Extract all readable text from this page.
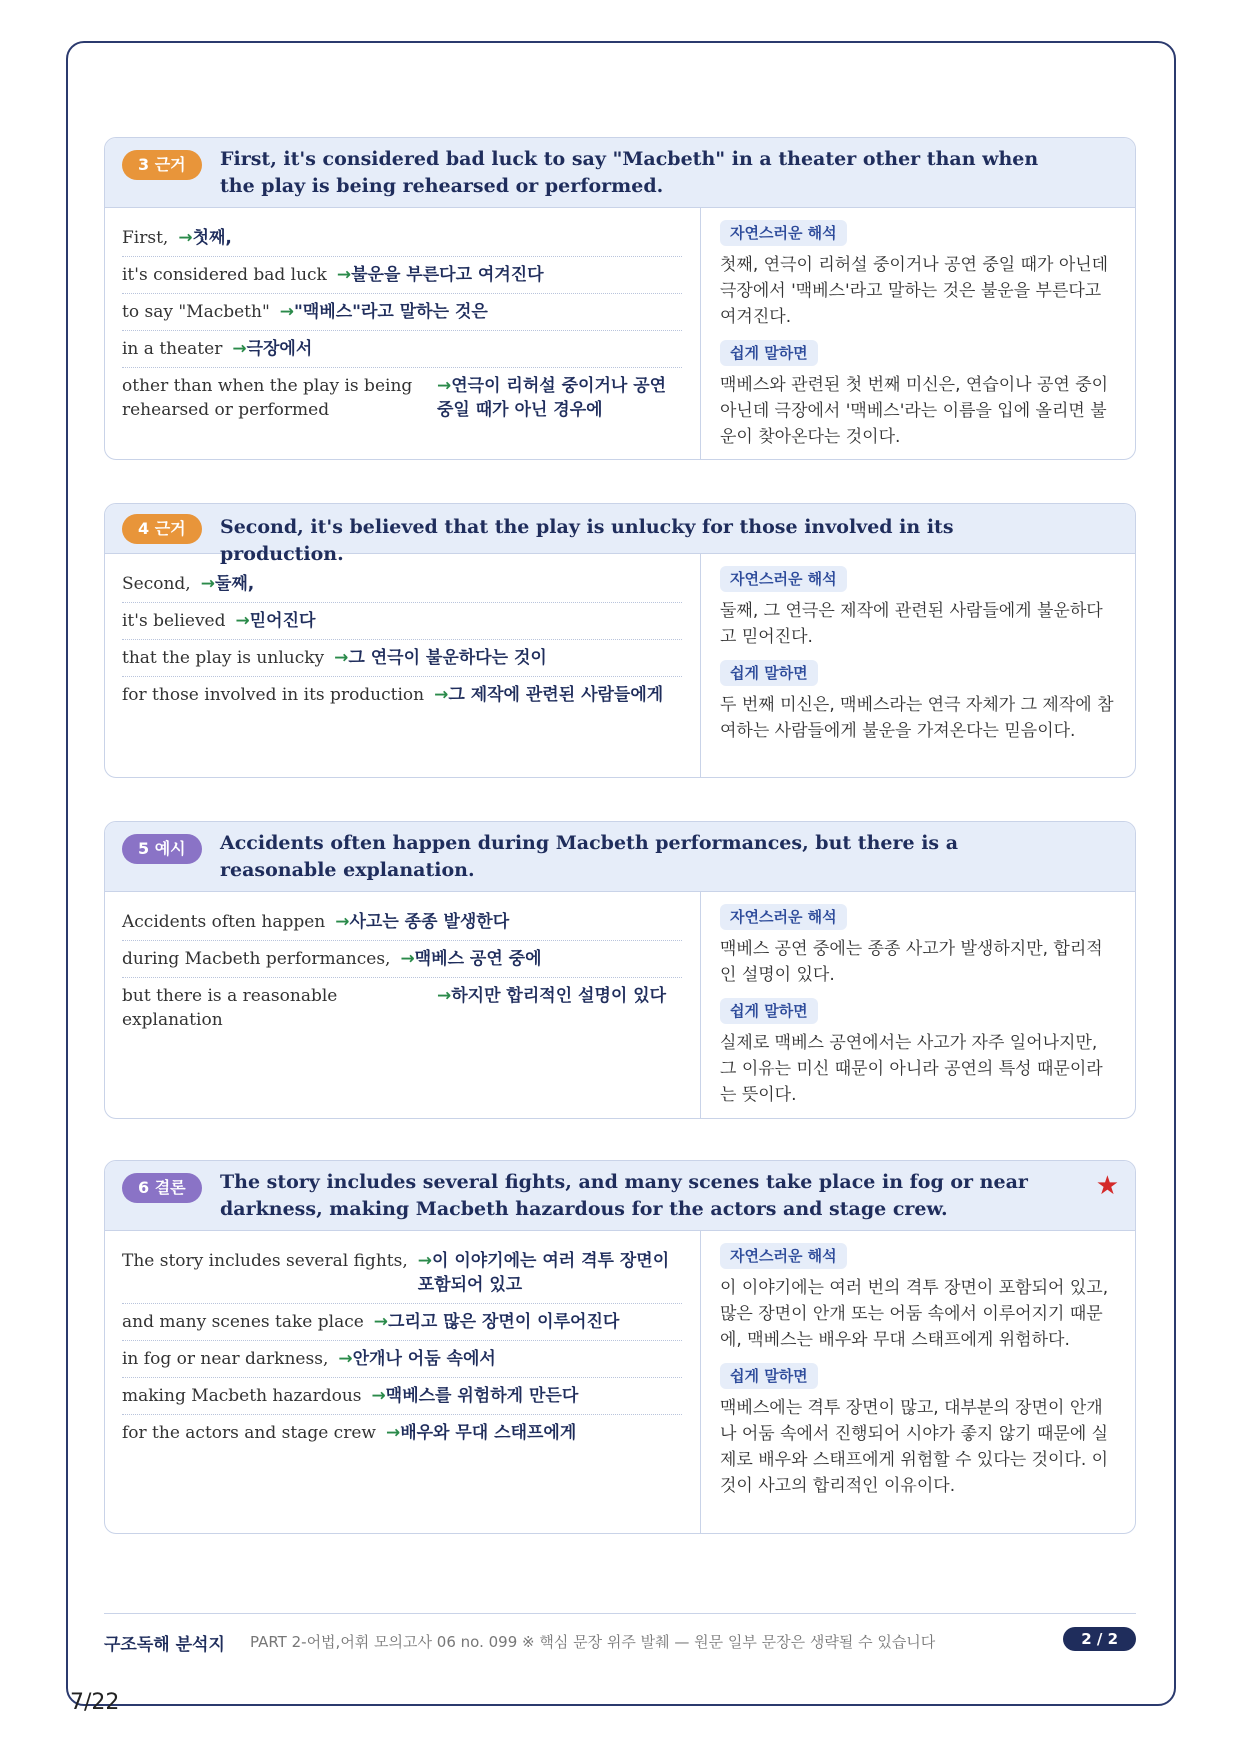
3 근거	First, it's considered bad luck to say "Macbeth" in a theater other than when the play is being rehearsed or performed.
First, →첫째,
it's considered bad luck →불운을 부른다고 여겨진다
to say "Macbeth" →"맥베스"라고 말하는 것은
in a theater →극장에서
other than when the play is being rehearsed or performed
→연극이 리허설 중이거나 공연 중일 때가 아닌 경우에
자연스러운 해석
첫째, 연극이 리허설 중이거나 공연 중일 때가 아닌데 극장에서 '맥베스'라고 말하는 것은 불운을 부른다고 여겨진다.
쉽게 말하면
맥베스와 관련된 첫 번째 미신은, 연습이나 공연 중이 아닌데 극장에서 '맥베스'라는 이름을 입에 올리면 불운이 찾아온다는 것이다.
4 근거	Second, it's believed that the play is unlucky for those involved in its production.
Second, →둘째,
it's believed →믿어진다
that the play is unlucky →그 연극이 불운하다는 것이
for those involved in its production →그 제작에 관련된 사람들에게
자연스러운 해석
둘째, 그 연극은 제작에 관련된 사람들에게 불운하다고 믿어진다.
쉽게 말하면
두 번째 미신은, 맥베스라는 연극 자체가 그 제작에 참여하는 사람들에게 불운을 가져온다는 믿음이다.
5 예시	Accidents often happen during Macbeth performances, but there is a reasonable explanation.
Accidents often happen →사고는 종종 발생한다
during Macbeth performances, →맥베스 공연 중에
but there is a reasonable explanation
→하지만 합리적인 설명이 있다
자연스러운 해석
맥베스 공연 중에는 종종 사고가 발생하지만, 합리적인 설명이 있다.
쉽게 말하면
실제로 맥베스 공연에서는 사고가 자주 일어나지만, 그 이유는 미신 때문이 아니라 공연의 특성 때문이라는 뜻이다.
6 결론	The story includes several fights, and many scenes take place in fog or near darkness, making Macbeth hazardous for the actors and stage crew.
★
The story includes several fights, →이 이야기에는 여러 격투 장면이 포함되어 있고
and many scenes take place →그리고 많은 장면이 이루어진다
in fog or near darkness, →안개나 어둠 속에서
making Macbeth hazardous →맥베스를 위험하게 만든다
for the actors and stage crew →배우와 무대 스태프에게
자연스러운 해석
이 이야기에는 여러 번의 격투 장면이 포함되어 있고, 많은 장면이 안개 또는 어둠 속에서 이루어지기 때문에, 맥베스는 배우와 무대 스태프에게 위험하다.
쉽게 말하면
맥베스에는 격투 장면이 많고, 대부분의 장면이 안개나 어둠 속에서 진행되어 시야가 좋지 않기 때문에 실제로 배우와 스태프에게 위험할 수 있다는 것이다. 이것이 사고의 합리적인 이유이다.
구조독해 분석지 PART 2-어법,어휘 모의고사 06 no. 099 ※ 핵심 문장 위주 발췌 — 원문 일부 문장은 생략될 수 있습니다	2 / 2
7/22
